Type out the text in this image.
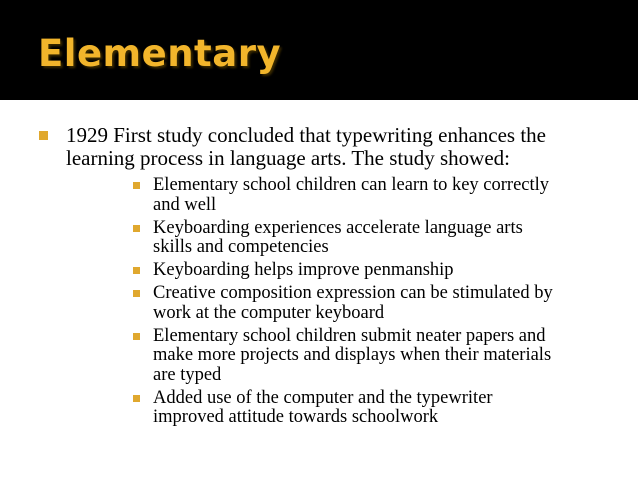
Elementary
1929 First study concluded that typewriting enhances the learning process in language arts. The study showed:
Elementary school children can learn to key correctly and well
Keyboarding experiences accelerate language arts skills and competencies
Keyboarding helps improve penmanship
Creative composition expression can be stimulated by work at the computer keyboard
Elementary school children submit neater papers and make more projects and displays when their materials are typed
Added use of the computer and the typewriter improved attitude towards schoolwork
